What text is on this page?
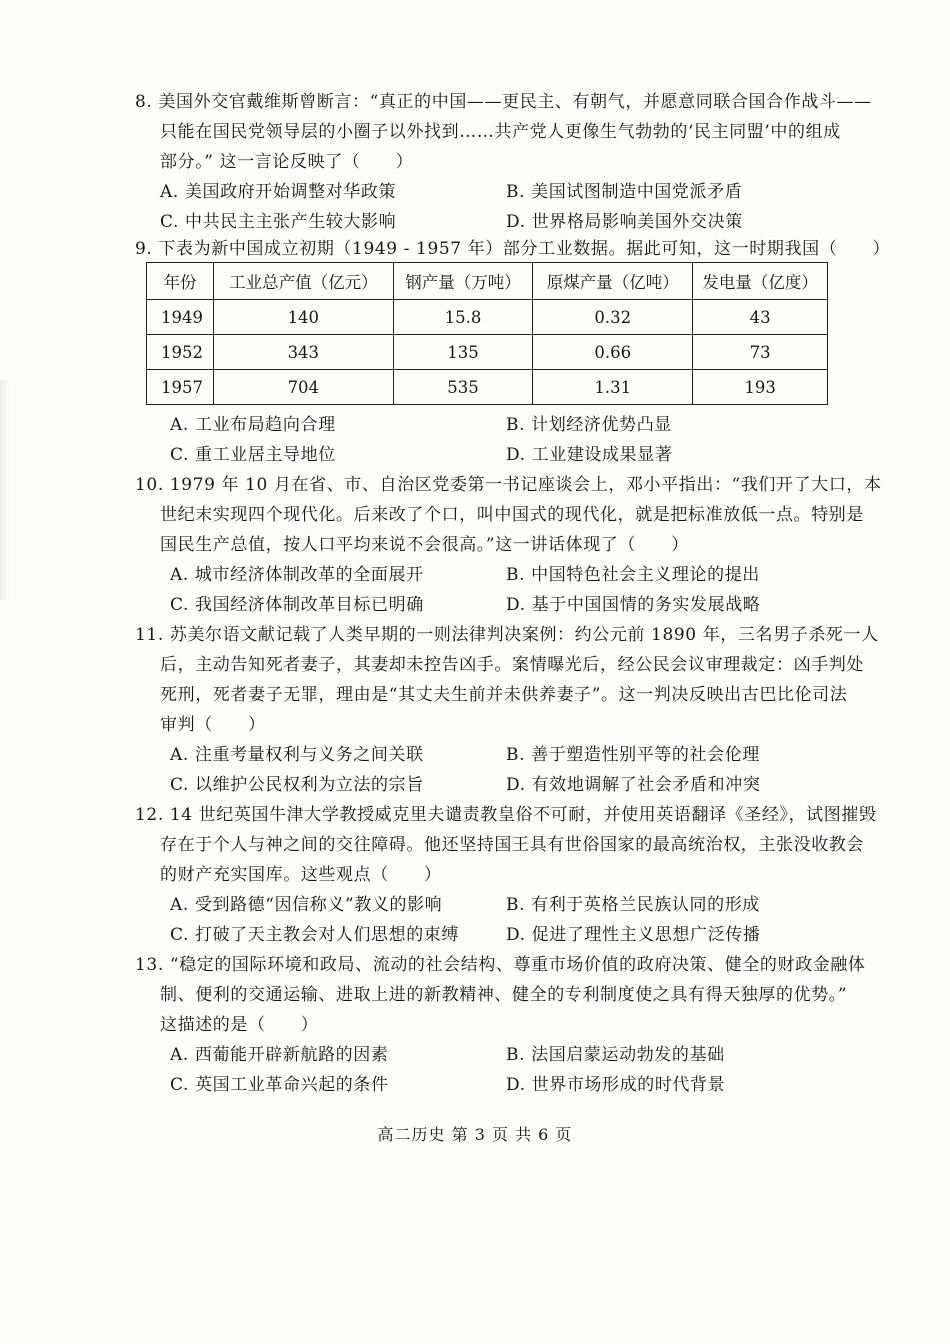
8. 美国外交官戴维斯曾断言：“真正的中国——更民主、有朝气，并愿意同联合国合作战斗——
只能在国民党领导层的小圈子以外找到……共产党人更像生气勃勃的‘民主同盟’中的组成
部分。” 这一言论反映了（　　）
A. 美国政府开始调整对华政策	B. 美国试图制造中国党派矛盾
C. 中共民主主张产生较大影响	D. 世界格局影响美国外交决策
9. 下表为新中国成立初期（1949 - 1957 年）部分工业数据。据此可知，这一时期我国（　　）
年份	工业总产值（亿元）	钢产量（万吨）	原煤产量（亿吨）	发电量（亿度）
1949	140	15.8	0.32	43
1952	343	135	0.66	73
1957	704	535	1.31	193
A. 工业布局趋向合理	B. 计划经济优势凸显
C. 重工业居主导地位	D. 工业建设成果显著
10. 1979 年 10 月在省、市、自治区党委第一书记座谈会上，邓小平指出：“我们开了大口，本
世纪末实现四个现代化。后来改了个口，叫中国式的现代化，就是把标准放低一点。特别是
国民生产总值，按人口平均来说不会很高。”这一讲话体现了（　　）
A. 城市经济体制改革的全面展开	B. 中国特色社会主义理论的提出
C. 我国经济体制改革目标已明确	D. 基于中国国情的务实发展战略
11. 苏美尔语文献记载了人类早期的一则法律判决案例：约公元前 1890 年，三名男子杀死一人
后，主动告知死者妻子，其妻却未控告凶手。案情曝光后，经公民会议审理裁定：凶手判处
死刑，死者妻子无罪，理由是“其丈夫生前并未供养妻子”。这一判决反映出古巴比伦司法
审判（　　）
A. 注重考量权利与义务之间关联	B. 善于塑造性别平等的社会伦理
C. 以维护公民权利为立法的宗旨	D. 有效地调解了社会矛盾和冲突
12. 14 世纪英国牛津大学教授威克里夫谴责教皇俗不可耐，并使用英语翻译《圣经》，试图摧毁
存在于个人与神之间的交往障碍。他还坚持国王具有世俗国家的最高统治权，主张没收教会
的财产充实国库。这些观点（　　）
A. 受到路德“因信称义”教义的影响	B. 有利于英格兰民族认同的形成
C. 打破了天主教会对人们思想的束缚	D. 促进了理性主义思想广泛传播
13. “稳定的国际环境和政局、流动的社会结构、尊重市场价值的政府决策、健全的财政金融体
制、便利的交通运输、进取上进的新教精神、健全的专利制度使之具有得天独厚的优势。”
这描述的是（　　）
A. 西葡能开辟新航路的因素	B. 法国启蒙运动勃发的基础
C. 英国工业革命兴起的条件	D. 世界市场形成的时代背景
高二历史 第 3 页 共 6 页
